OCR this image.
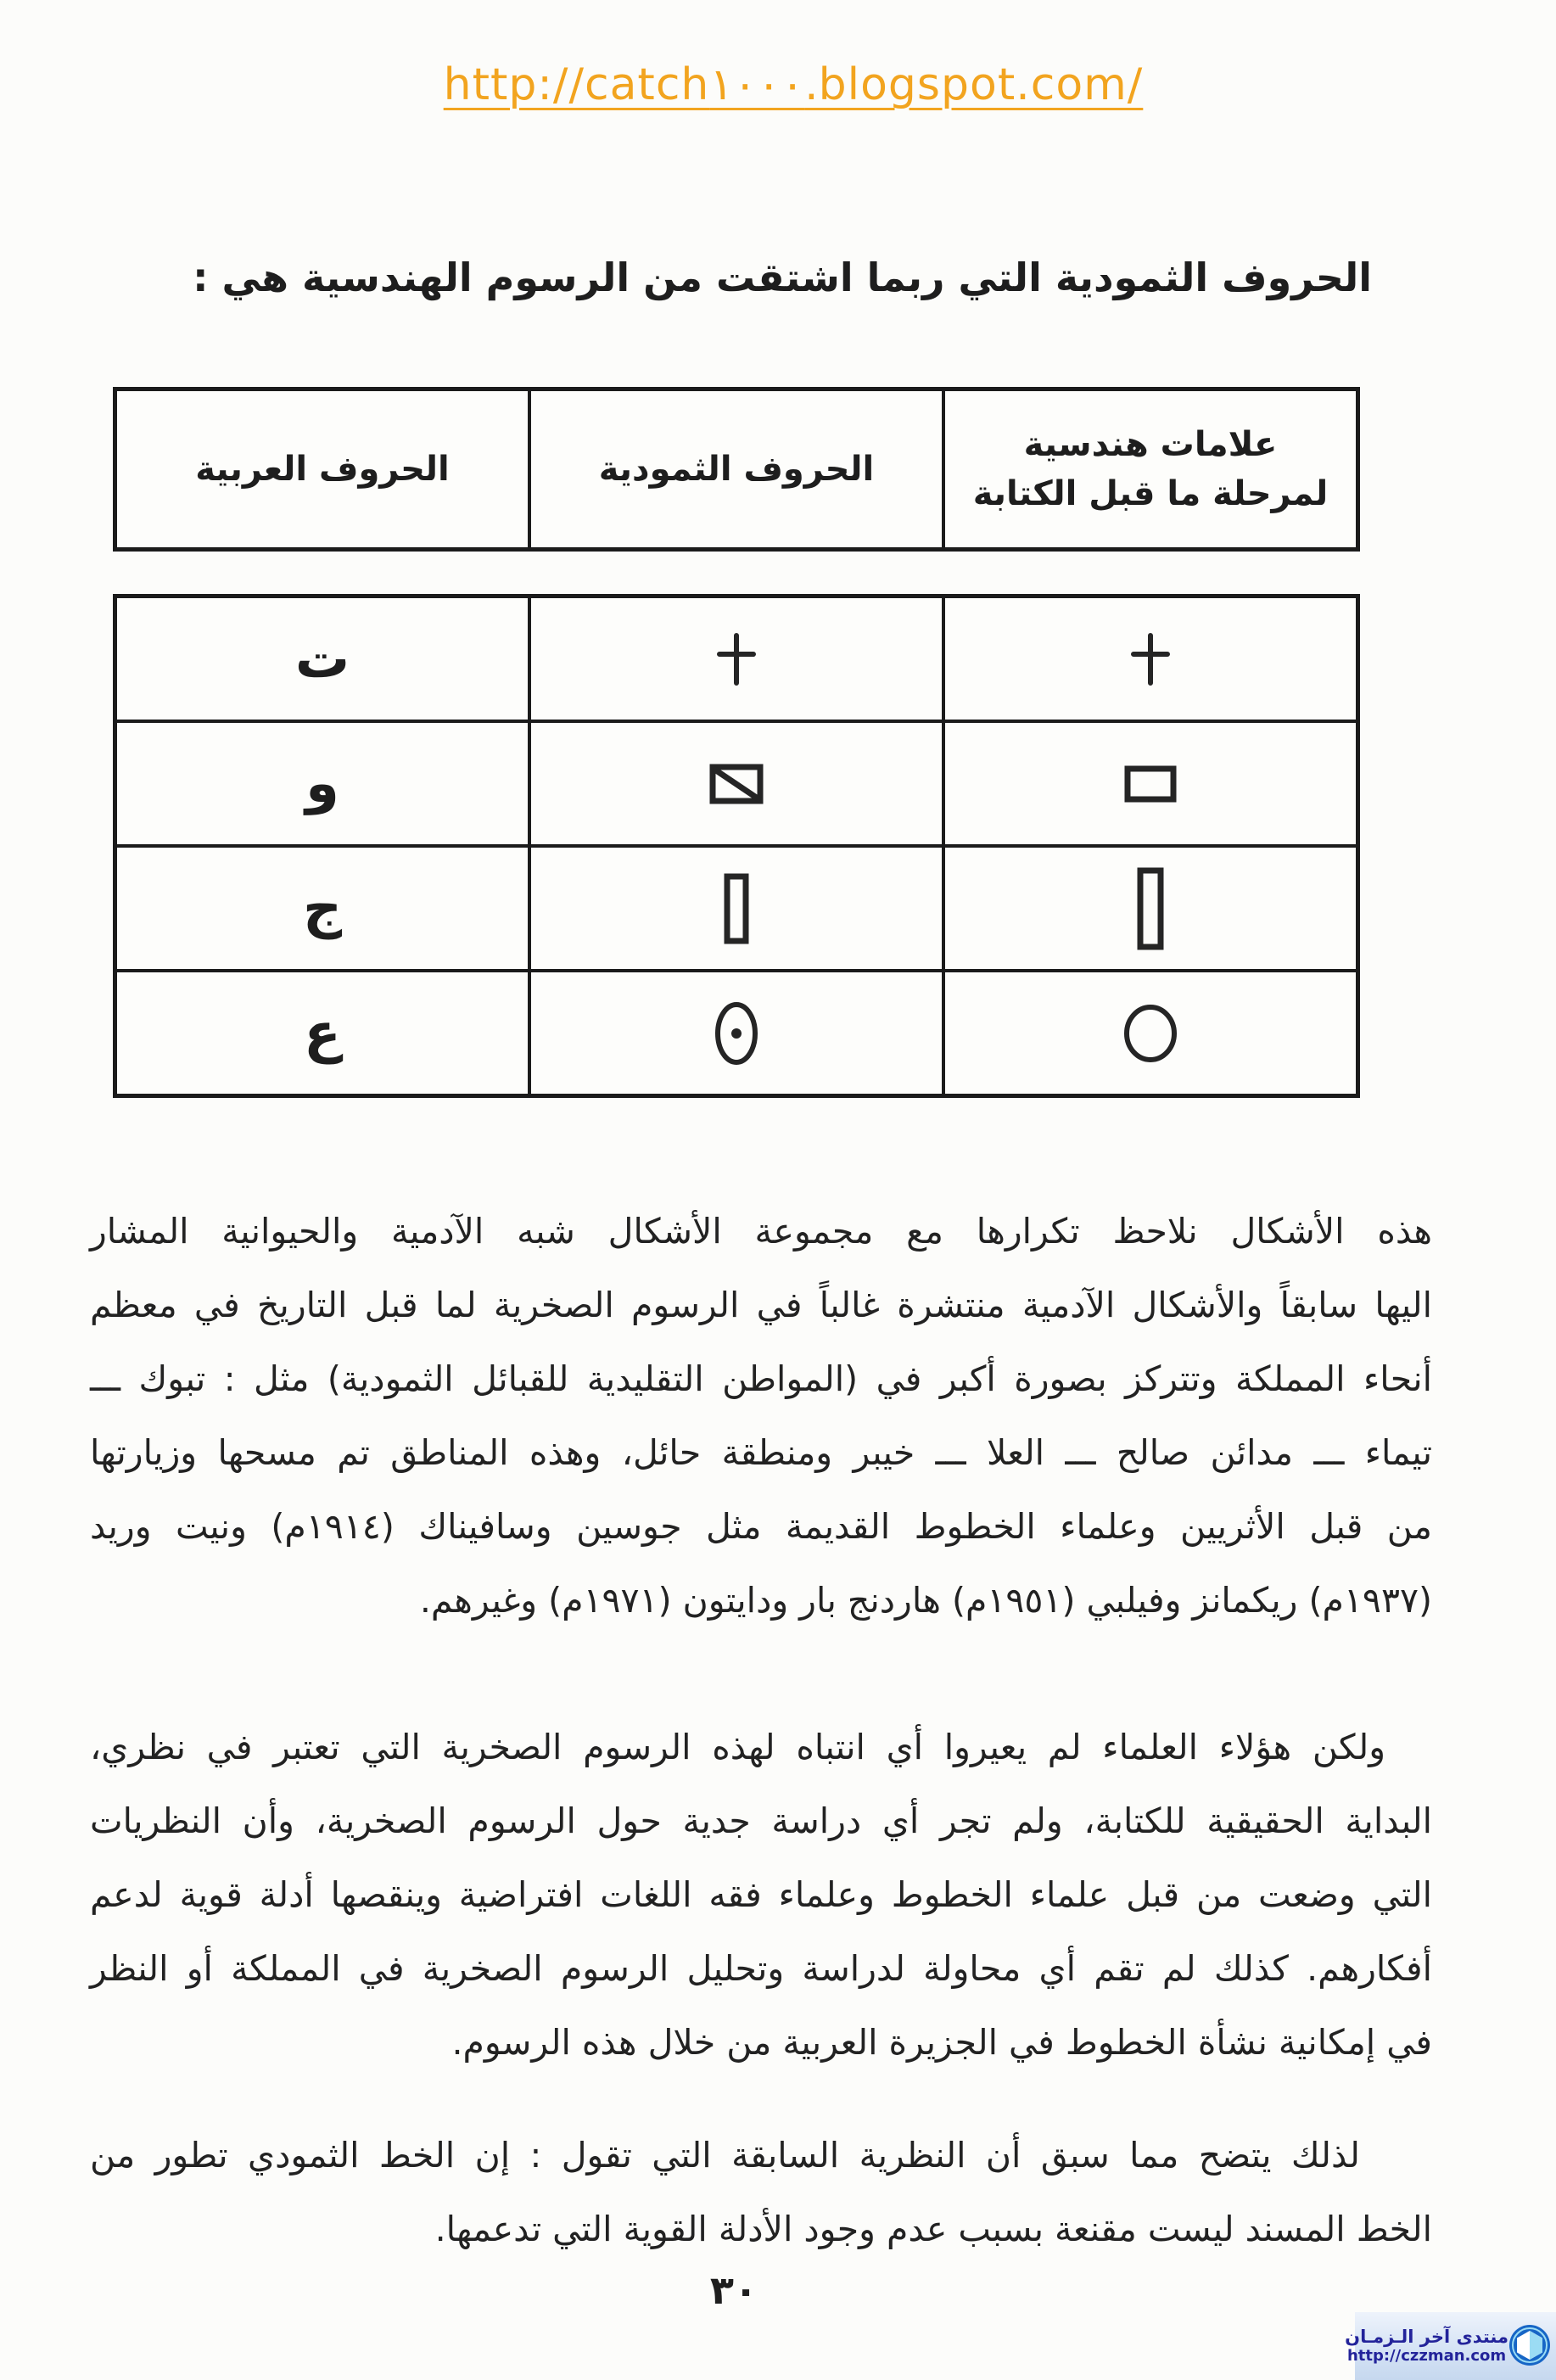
http://catch١٠٠٠.blogspot.com/
الحروف الثمودية التي ربما اشتقت من الرسوم الهندسية هي :
علامات هندسية
لمرحلة ما قبل الكتابة
الحروف الثمودية
الحروف العربية
ت
و
ج
ع
هذه الأشكال نلاحظ تكرارها مع مجموعة الأشكال شبه الآدمية والحيوانية المشار
اليها سابقاً والأشكال الآدمية منتشرة غالباً في الرسوم الصخرية لما قبل التاريخ في معظم
أنحاء المملكة وتتركز بصورة أكبر في (المواطن التقليدية للقبائل الثمودية) مثل : تبوك ـــ
تيماء ـــ مدائن صالح ـــ العلا ـــ خيبر ومنطقة حائل، وهذه المناطق تم مسحها وزيارتها
من قبل الأثريين وعلماء الخطوط القديمة مثل جوسين وسافيناك (١٩١٤م) ونيت وريد
(١٩٣٧م) ريكمانز وفيلبي (١٩٥١م) هاردنج بار ودايتون (١٩٧١م) وغيرهم.
ولكن هؤلاء العلماء لم يعيروا أي انتباه لهذه الرسوم الصخرية التي تعتبر في نظري،
البداية الحقيقية للكتابة، ولم تجر أي دراسة جدية حول الرسوم الصخرية، وأن النظريات
التي وضعت من قبل علماء الخطوط وعلماء فقه اللغات افتراضية وينقصها أدلة قوية لدعم
أفكارهم. كذلك لم تقم أي محاولة لدراسة وتحليل الرسوم الصخرية في المملكة أو النظر
في إمكانية نشأة الخطوط في الجزيرة العربية من خلال هذه الرسوم.
لذلك يتضح مما سبق أن النظرية السابقة التي تقول : إن الخط الثمودي تطور من
الخط المسند ليست مقنعة بسبب عدم وجود الأدلة القوية التي تدعمها.
٣٠
منتدى آخر الـزمـان
http://czzman.com
